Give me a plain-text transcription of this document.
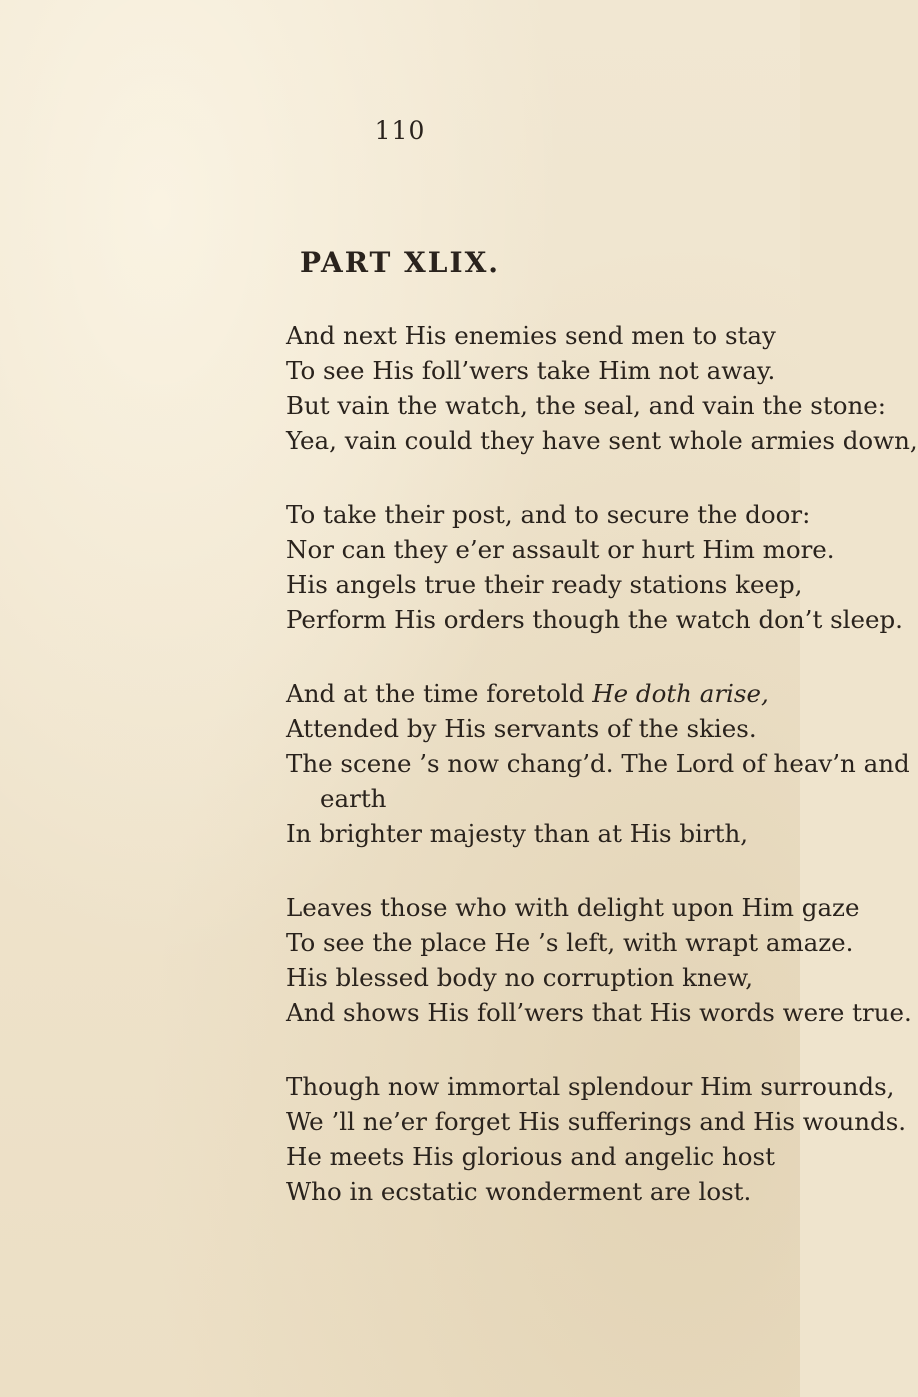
110
PART XLIX.

And next His enemies send men to stay
To see His foll’wers take Him not away.
But vain the watch, the seal, and vain the stone:
Yea, vain could they have sent whole armies down,

To take their post, and to secure the door:
Nor can they e’er assault or hurt Him more.
His angels true their ready stations keep,
Perform His orders though the watch don’t sleep.

And at the time foretold He doth arise,
Attended by His servants of the skies.
The scene ’s now chang’d. The Lord of heav’n and
earth
In brighter majesty than at His birth,

Leaves those who with delight upon Him gaze
To see the place He ’s left, with wrapt amaze.
His blessed body no corruption knew,
And shows His foll’wers that His words were true.

Though now immortal splendour Him surrounds,
We ’ll ne’er forget His sufferings and His wounds.
He meets His glorious and angelic host
Who in ecstatic wonderment are lost.
